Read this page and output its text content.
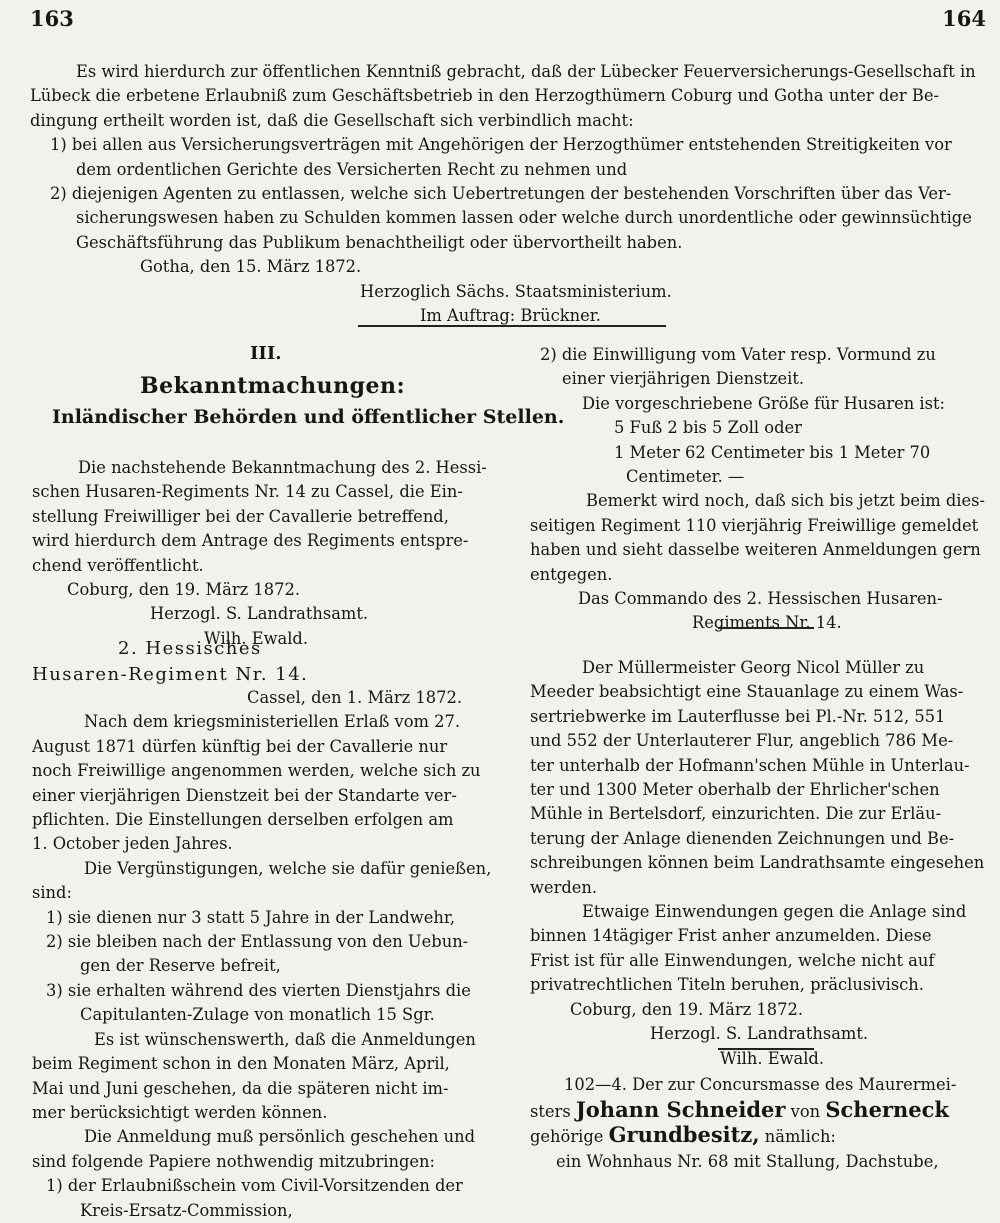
163	164
Es wird hierdurch zur öffentlichen Kenntniß gebracht, daß der Lübecker Feuerversicherungs-Gesellschaft in
Lübeck die erbetene Erlaubniß zum Geschäftsbetrieb in den Herzogthümern Coburg und Gotha unter der Be-
dingung ertheilt worden ist, daß die Gesellschaft sich verbindlich macht:
1) bei allen aus Versicherungsverträgen mit Angehörigen der Herzogthümer entstehenden Streitigkeiten vor
dem ordentlichen Gerichte des Versicherten Recht zu nehmen und
2) diejenigen Agenten zu entlassen, welche sich Uebertretungen der bestehenden Vorschriften über das Ver-
sicherungswesen haben zu Schulden kommen lassen oder welche durch unordentliche oder gewinnsüchtige
Geschäftsführung das Publikum benachtheiligt oder übervortheilt haben.
Gotha, den 15. März 1872.
Herzoglich Sächs. Staatsministerium.
Im Auftrag: Brückner.
III.
Bekanntmachungen:
Inländischer Behörden und öffentlicher Stellen.
Die nachstehende Bekanntmachung des 2. Hessi-
schen Husaren-Regiments Nr. 14 zu Cassel, die Ein-
stellung Freiwilliger bei der Cavallerie betreffend,
wird hierdurch dem Antrage des Regiments entspre-
chend veröffentlicht.
Coburg, den 19. März 1872.
Herzogl. S. Landrathsamt.
Wilh. Ewald.
2. Hessisches
Husaren-Regiment Nr. 14.
Cassel, den 1. März 1872.
Nach dem kriegsministeriellen Erlaß vom 27.
August 1871 dürfen künftig bei der Cavallerie nur
noch Freiwillige angenommen werden, welche sich zu
einer vierjährigen Dienstzeit bei der Standarte ver-
pflichten. Die Einstellungen derselben erfolgen am
1. October jeden Jahres.
Die Vergünstigungen, welche sie dafür genießen,
sind:
1) sie dienen nur 3 statt 5 Jahre in der Landwehr,
2) sie bleiben nach der Entlassung von den Uebun-
gen der Reserve befreit,
3) sie erhalten während des vierten Dienstjahrs die
Capitulanten-Zulage von monatlich 15 Sgr.
Es ist wünschenswerth, daß die Anmeldungen
beim Regiment schon in den Monaten März, April,
Mai und Juni geschehen, da die späteren nicht im-
mer berücksichtigt werden können.
Die Anmeldung muß persönlich geschehen und
sind folgende Papiere nothwendig mitzubringen:
1) der Erlaubnißschein vom Civil-Vorsitzenden der
Kreis-Ersatz-Commission,
2) die Einwilligung vom Vater resp. Vormund zu
einer vierjährigen Dienstzeit.
Die vorgeschriebene Größe für Husaren ist:
5 Fuß 2 bis 5 Zoll oder
1 Meter 62 Centimeter bis 1 Meter 70
Centimeter. —
Bemerkt wird noch, daß sich bis jetzt beim dies-
seitigen Regiment 110 vierjährig Freiwillige gemeldet
haben und sieht dasselbe weiteren Anmeldungen gern
entgegen.
Das Commando des 2. Hessischen Husaren-
Regiments Nr. 14.
Der Müllermeister Georg Nicol Müller zu
Meeder beabsichtigt eine Stauanlage zu einem Was-
sertriebwerke im Lauterflusse bei Pl.-Nr. 512, 551
und 552 der Unterlauterer Flur, angeblich 786 Me-
ter unterhalb der Hofmann'schen Mühle in Unterlau-
ter und 1300 Meter oberhalb der Ehrlicher'schen
Mühle in Bertelsdorf, einzurichten. Die zur Erläu-
terung der Anlage dienenden Zeichnungen und Be-
schreibungen können beim Landrathsamte eingesehen
werden.
Etwaige Einwendungen gegen die Anlage sind
binnen 14tägiger Frist anher anzumelden. Diese
Frist ist für alle Einwendungen, welche nicht auf
privatrechtlichen Titeln beruhen, präclusivisch.
Coburg, den 19. März 1872.
Herzogl. S. Landrathsamt.
Wilh. Ewald.
102—4. Der zur Concursmasse des Maurermei-
sters Johann Schneider von Scherneck
gehörige Grundbesitz, nämlich:
ein Wohnhaus Nr. 68 mit Stallung, Dachstube,
